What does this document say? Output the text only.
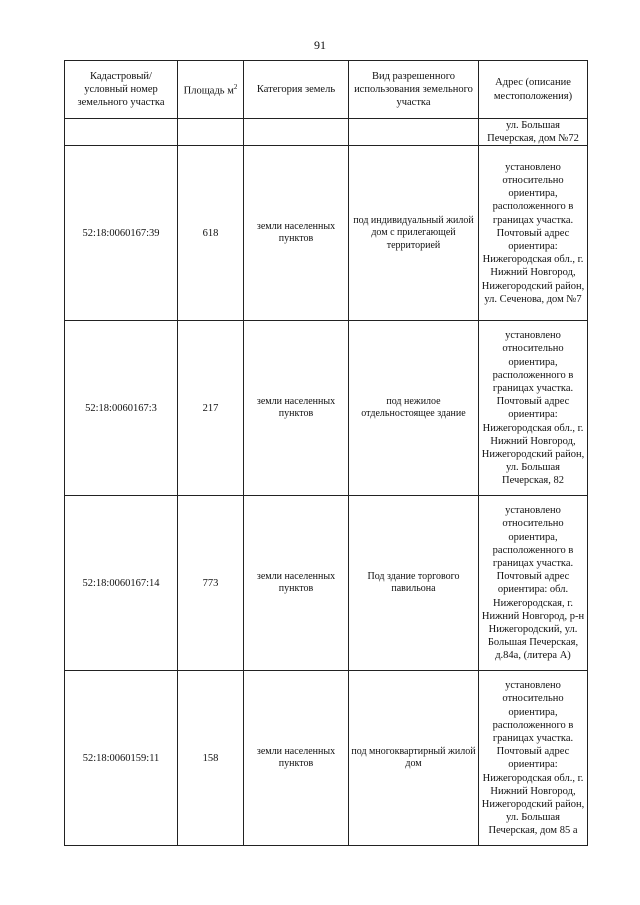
91
Кадастровый/ условный номер земельного участка	Площадь $м^2$	Категория земель	Вид разрешенного использования земельного участка	Адрес (описание местоположения)
				ул. Большая Печерская, дом №72
52:18:0060167:39	618	земли населенных пунктов	под индивидуальный жилой дом с прилегающей территорией	установлено относительно ориентира, расположенного в границах участка. Почтовый адрес ориентира: Нижегородская обл., г. Нижний Новгород, Нижегородский район, ул. Сеченова, дом №7
52:18:0060167:3	217	земли населенных пунктов	под нежилое отдельностоящее здание	установлено относительно ориентира, расположенного в границах участка. Почтовый адрес ориентира: Нижегородская обл., г. Нижний Новгород, Нижегородский район, ул. Большая Печерская, 82
52:18:0060167:14	773	земли населенных пунктов	Под здание торгового павильона	установлено относительно ориентира, расположенного в границах участка. Почтовый адрес ориентира: обл. Нижегородская, г. Нижний Новгород, р-н Нижегородский, ул. Большая Печерская, д.84а, (литера А)
52:18:0060159:11	158	земли населенных пунктов	под многоквартирный жилой дом	установлено относительно ориентира, расположенного в границах участка. Почтовый адрес ориентира: Нижегородская обл., г. Нижний Новгород, Нижегородский район, ул. Большая Печерская, дом 85 а
